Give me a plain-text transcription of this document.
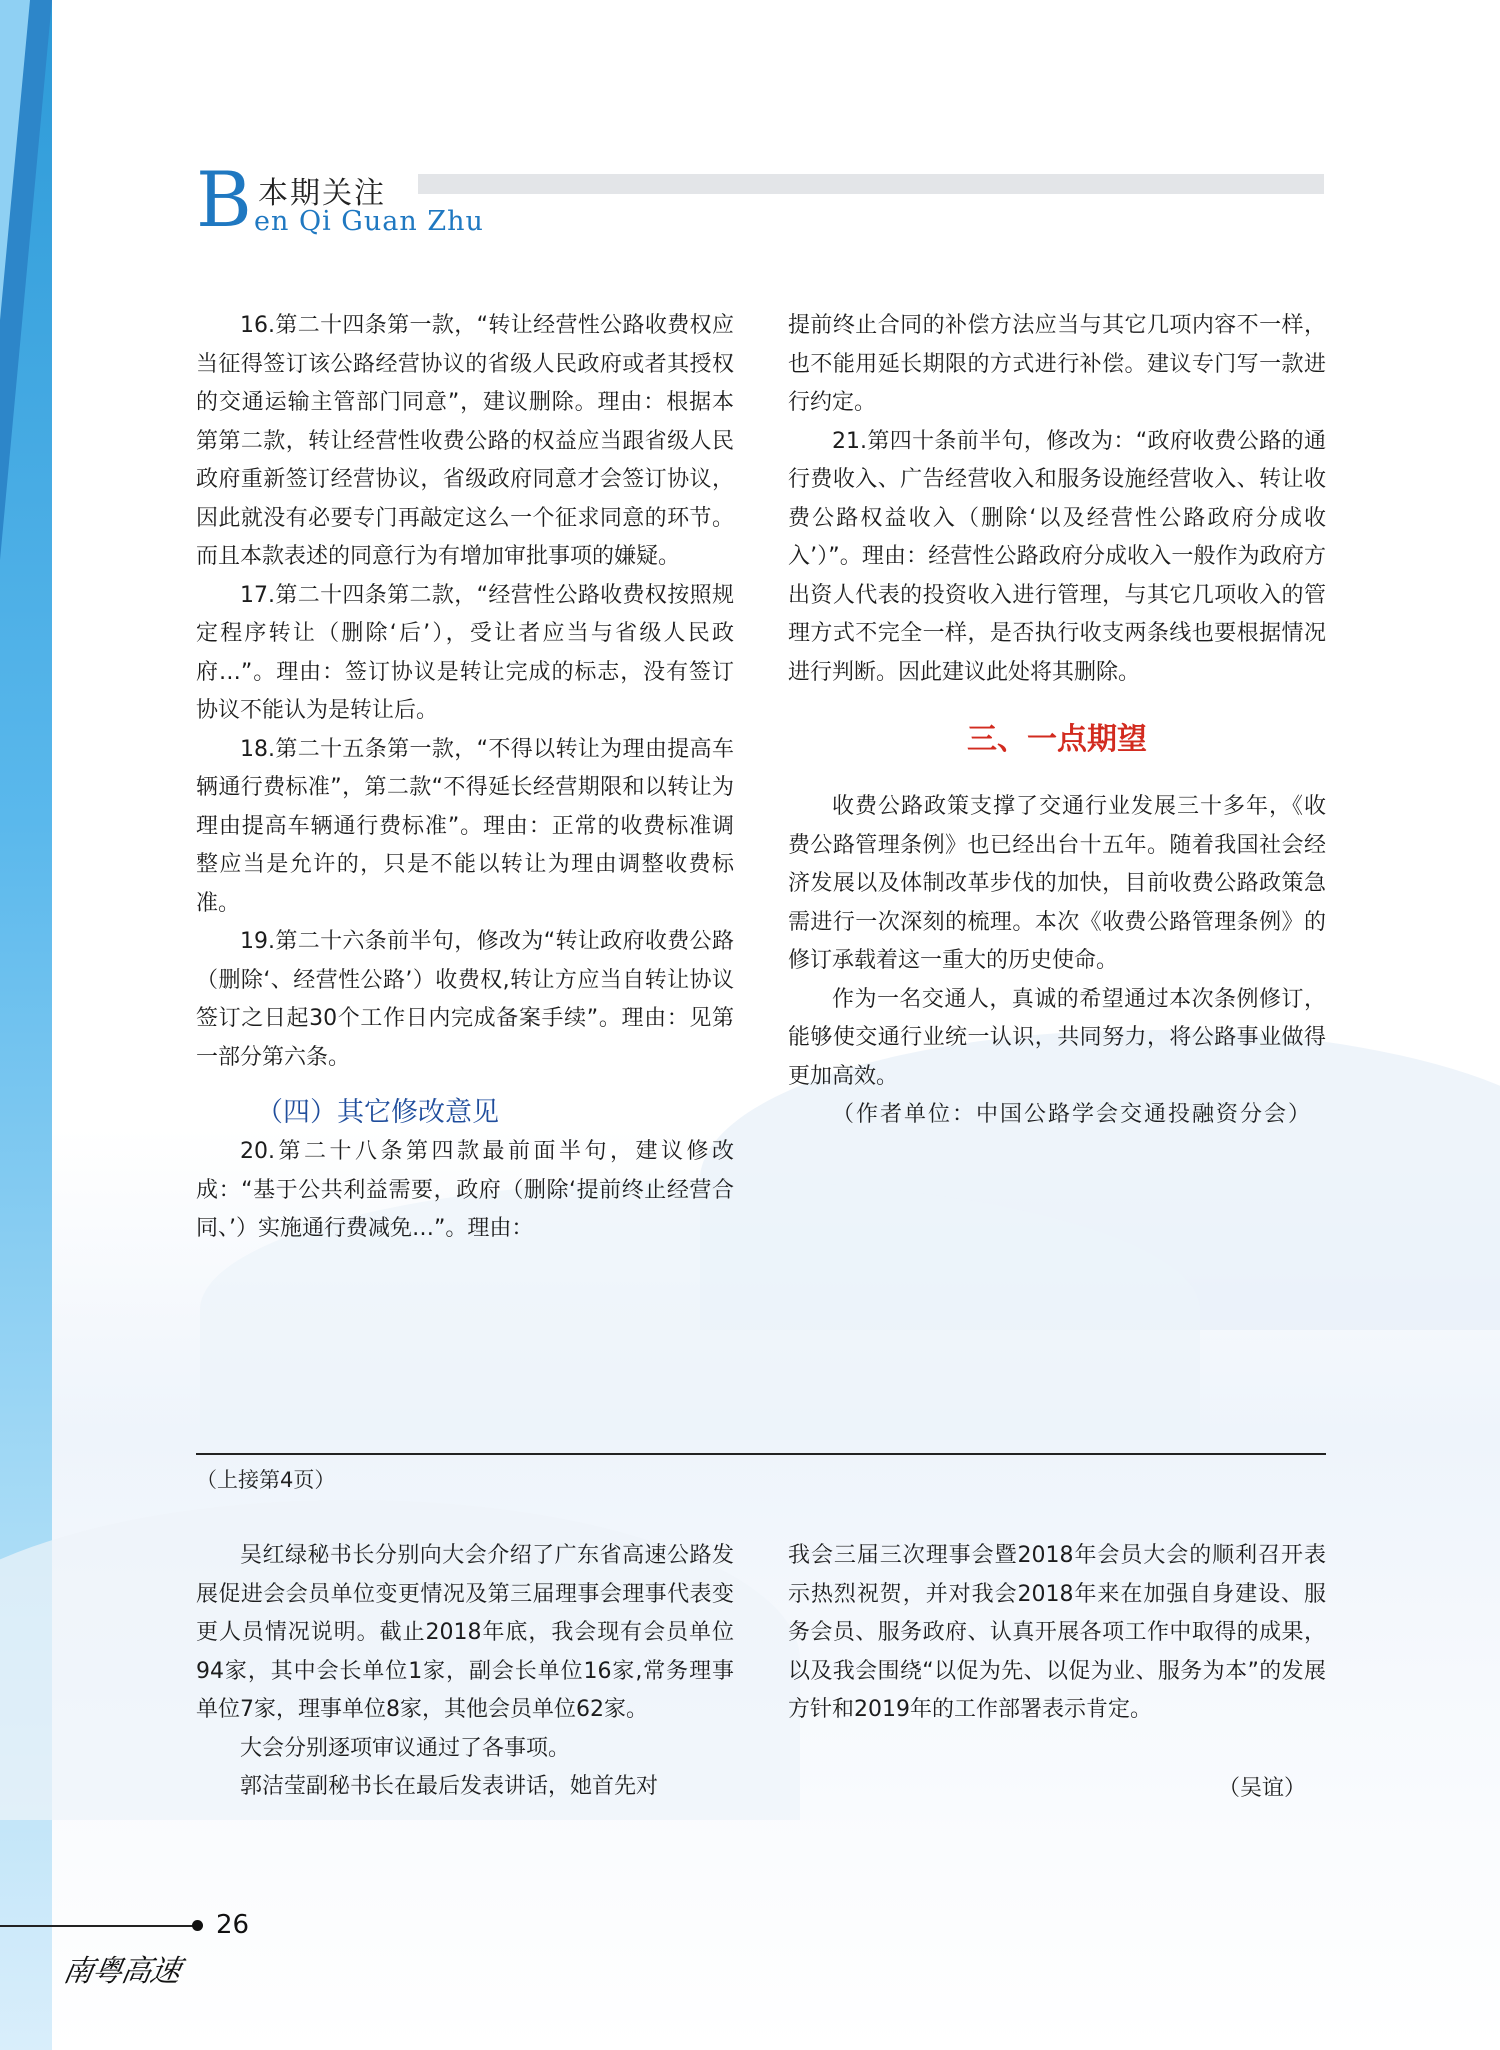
B 本期关注
en Qi Guan Zhu

16.第二十四条第一款，“转让经营性公路收费权应当征得签订该公路经营协议的省级人民政府或者其授权的交通运输主管部门同意”，建议删除。理由：根据本第第二款，转让经营性收费公路的权益应当跟省级人民政府重新签订经营协议，省级政府同意才会签订协议，因此就没有必要专门再敲定这么一个征求同意的环节。而且本款表述的同意行为有增加审批事项的嫌疑。

17.第二十四条第二款，“经营性公路收费权按照规定程序转让（删除‘后’），受让者应当与省级人民政府…”。理由：签订协议是转让完成的标志，没有签订协议不能认为是转让后。

18.第二十五条第一款，“不得以转让为理由提高车辆通行费标准”，第二款“不得延长经营期限和以转让为理由提高车辆通行费标准”。理由：正常的收费标准调整应当是允许的，只是不能以转让为理由调整收费标准。

19.第二十六条前半句，修改为“转让政府收费公路（删除‘、经营性公路’）收费权,转让方应当自转让协议签订之日起30个工作日内完成备案手续”。理由：见第一部分第六条。

（四）其它修改意见

20.第二十八条第四款最前面半句，建议修改成：“基于公共利益需要，政府（删除‘提前终止经营合同、’）实施通行费减免…”。理由：

提前终止合同的补偿方法应当与其它几项内容不一样，也不能用延长期限的方式进行补偿。建议专门写一款进行约定。

21.第四十条前半句，修改为：“政府收费公路的通行费收入、广告经营收入和服务设施经营收入、转让收费公路权益收入（删除‘以及经营性公路政府分成收入’）”。理由：经营性公路政府分成收入一般作为政府方出资人代表的投资收入进行管理，与其它几项收入的管理方式不完全一样，是否执行收支两条线也要根据情况进行判断。因此建议此处将其删除。

三、一点期望

收费公路政策支撑了交通行业发展三十多年，《收费公路管理条例》也已经出台十五年。随着我国社会经济发展以及体制改革步伐的加快，目前收费公路政策急需进行一次深刻的梳理。本次《收费公路管理条例》的修订承载着这一重大的历史使命。

作为一名交通人，真诚的希望通过本次条例修订，能够使交通行业统一认识，共同努力，将公路事业做得更加高效。

（作者单位：中国公路学会交通投融资分会）

（上接第4页）

吴红绿秘书长分别向大会介绍了广东省高速公路发展促进会会员单位变更情况及第三届理事会理事代表变更人员情况说明。截止2018年底，我会现有会员单位94家，其中会长单位1家，副会长单位16家,常务理事单位7家，理事单位8家，其他会员单位62家。

大会分别逐项审议通过了各事项。

郭洁莹副秘书长在最后发表讲话，她首先对

我会三届三次理事会暨2018年会员大会的顺利召开表示热烈祝贺，并对我会2018年来在加强自身建设、服务会员、服务政府、认真开展各项工作中取得的成果，以及我会围绕“以促为先、以促为业、服务为本”的发展方针和2019年的工作部署表示肯定。

（吴谊）

26
南粤高速
